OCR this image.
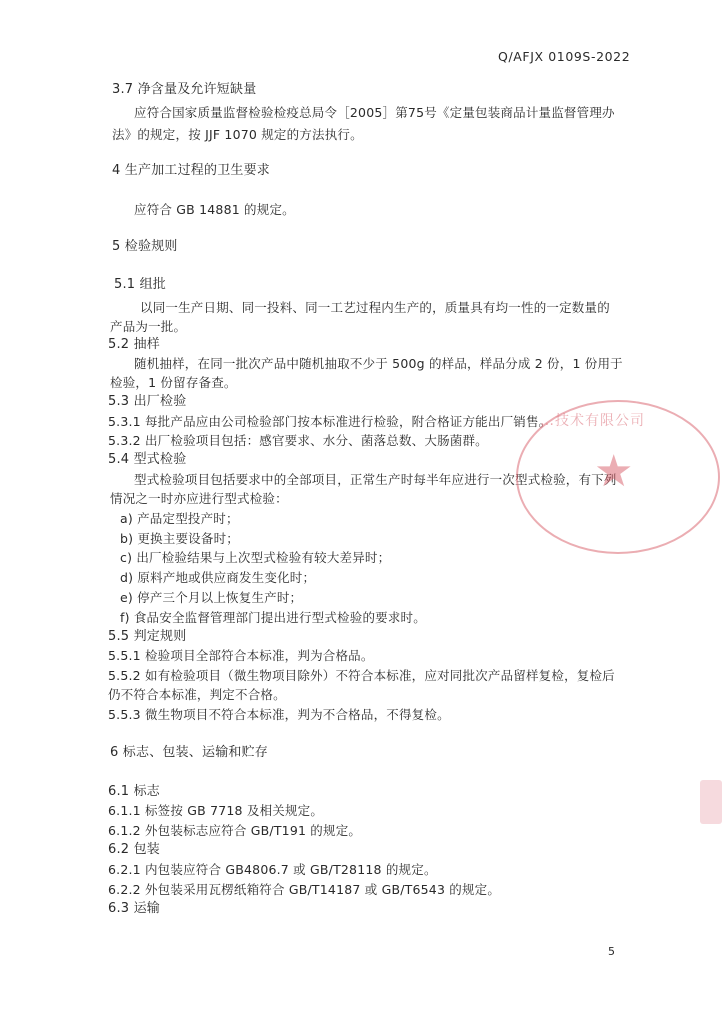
Q/AFJX 0109S-2022
3.7 净含量及允许短缺量
应符合国家质量监督检验检疫总局令［2005］第75号《定量包装商品计量监督管理办
法》的规定，按 JJF 1070 规定的方法执行。
4 生产加工过程的卫生要求
应符合 GB 14881 的规定。
5 检验规则
5.1 组批
以同一生产日期、同一投料、同一工艺过程内生产的，质量具有均一性的一定数量的
产品为一批。
5.2 抽样
随机抽样，在同一批次产品中随机抽取不少于 500g 的样品，样品分成 2 份，1 份用于
检验，1 份留存备查。
5.3 出厂检验
5.3.1 每批产品应由公司检验部门按本标准进行检验，附合格证方能出厂销售。
5.3.2 出厂检验项目包括：感官要求、水分、菌落总数、大肠菌群。
5.4 型式检验
型式检验项目包括要求中的全部项目，正常生产时每半年应进行一次型式检验，有下列
情况之一时亦应进行型式检验：
a) 产品定型投产时；
b) 更换主要设备时；
c) 出厂检验结果与上次型式检验有较大差异时；
d) 原料产地或供应商发生变化时；
e) 停产三个月以上恢复生产时；
f) 食品安全监督管理部门提出进行型式检验的要求时。
5.5 判定规则
5.5.1 检验项目全部符合本标准，判为合格品。
5.5.2 如有检验项目（微生物项目除外）不符合本标准，应对同批次产品留样复检，复检后
仍不符合本标准，判定不合格。
5.5.3 微生物项目不符合本标准，判为不合格品，不得复检。
6 标志、包装、运输和贮存
6.1 标志
6.1.1 标签按 GB 7718 及相关规定。
6.1.2 外包装标志应符合 GB/T191 的规定。
6.2 包装
6.2.1 内包装应符合 GB4806.7 或 GB/T28118 的规定。
6.2.2 外包装采用瓦楞纸箱符合 GB/T14187 或 GB/T6543 的规定。
6.3 运输
5
…技术有限公司
★
